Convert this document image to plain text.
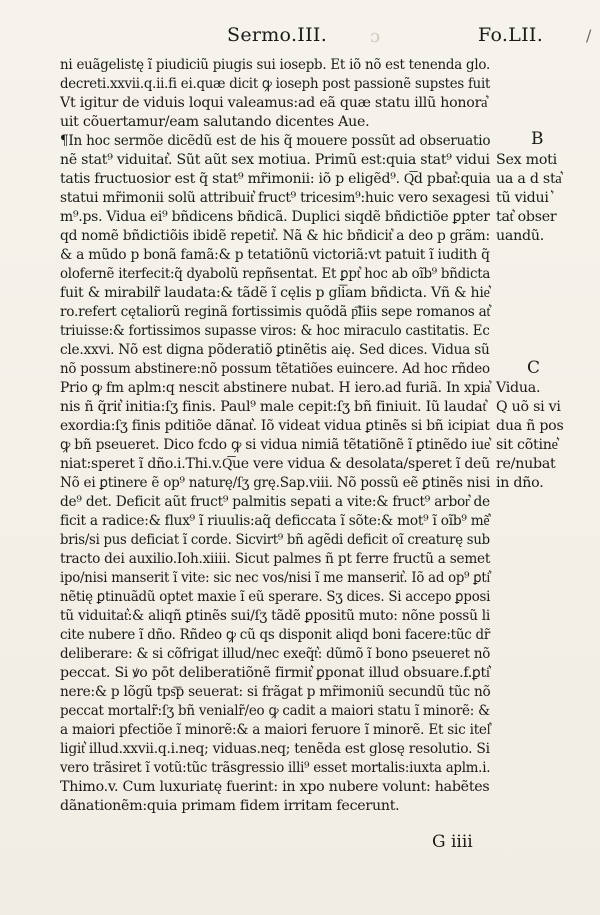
ɔ
Sermo.III.	Fo.LII.	/
ni euãgelistę ĩ piudiciũ piugis sui iosepb. Et iõ nõ est tenenda glo.
decreti.xxvii.q.ii.fi ei.quæ dicit ꝙ ioseph post passionẽ supstes fuit
Vt igitur de viduis loqui valeamus:ad eã quæ statu illũ honora͛
uit cõuertamur/eam salutando dicentes Aue.
¶In hoc sermõe dicẽdũ est de his q̃ mouere possũt ad obseruatio
nẽ stat⁹ viduitat͛. Sũt aũt sex motiua. Primũ est:quia stat⁹ vidui
tatis fructuosior est q̃ stat⁹ mr̃imonii: iõ p eligẽd⁹. Q͞d pbat͛:quia
statui mr̃imonii solũ attribuit͛ fruct⁹ tricesim⁹:huic vero sexagesi
m⁹.ps. Vidua ei⁹ bñdicens bñdicã. Duplici siqdẽ bñdictiõe ꝑpter
qd nomẽ bñdictiõis ibidẽ repetit͛. Nã & hic bñdicit͛ a deo p grãm:
& a mũdo p bonã famã:& p tetatiõnũ victoriã:vt patuit ĩ iudith q̃
olofernẽ iterfecit:q̃ dyabolũ repñsentat. Et ꝑpt͛ hoc ab oĩb⁹ bñdicta
fuit & mirabilr̃ laudata:& tãdẽ ĩ cęlis p gl͞iam bñdicta. Vñ & hie͛
ro.refert cętaliorũ reginã fortissimis quõdã p͞liis sepe romanos at͛
triuisse:& fortissimos supasse viros: & hoc miraculo castitatis. Ec
cle.xxvi. Nõ est digna põderatiõ ꝑtinẽtis aię. Sed dices. Vidua sũ
nõ possum abstinere:nõ possum tẽtatiões euincere. Ad hoc rñdeo
Prio ꝙ fm aplm:q nescit abstinere nubat. H iero.ad furiã. In xpia͛
nis ñ q̃rit͛ initia:ſʒ finis. Paul⁹ male cepit:ſʒ bñ finiuit. Iũ laudat͛
exordia:ſʒ finis pditiõe dãnat͛. Iõ videat vidua ꝑtinẽs si bñ icipiat
ꝙ bñ pseueret. Dico fcdo ꝙ si vidua nimiã tẽtatiõnẽ ĩ ꝑtinẽdo iue͛
niat:speret ĩ dño.i.Thi.v.Q͞ue vere vidua & desolata/speret ĩ deũ
Nõ ei ꝑtinere ẽ op⁹ naturę/ſʒ grę.Sap.viii. Nõ possũ eẽ ꝑtinẽs nisi
de⁹ det. Deficit aũt fruct⁹ palmitis sepati a vite:& fruct⁹ arbor͛ de
ficit a radice:& flux⁹ ĩ riuulis:aq̃ deficcata ĩ sõte:& mot⁹ ĩ oĩb⁹ mẽ͛
bris/si pus deficiat ĩ corde. Sicvirt⁹ bñ agẽdi deficit oĩ creaturę sub
tracto dei auxilio.Ioh.xiiii. Sicut palmes ñ pt ferre fructũ a semet
ipo/nisi manserit ĩ vite: sic nec vos/nisi ĩ me manserit͛. Iõ ad op⁹ ꝑti͛
nẽtię ꝑtinuãdũ optet maxie ĩ eũ sperare. Sʒ dices. Si accepo ꝑposi
tũ viduitat͛:& aliqñ ꝑtinẽs sui/ſʒ tãdẽ ꝑpositũ muto: nõne possũ li
cite nubere ĩ dño. Rñdeo ꝙ cũ qs disponit aliqd boni facere:tũc dr̃
deliberare: & si cõfrigat illud/nec exeq̃t͛: dũmõ ĩ bono pseueret nõ
peccat. Si ꝟo pōt deliberatiõnẽ firmit͛ ꝑponat illud obsuare.f.ꝑti͛
nere:& p lõgũ tps͞p seuerat: si frãgat p mr̃imoniũ secundũ tũc nõ
peccat mortalr̃:ſʒ bñ venialr̃/eo ꝙ cadit a maiori statu ĩ minorẽ: &
a maiori pfectiõe ĩ minorẽ:& a maiori feruore ĩ minorẽ. Et sic itel͛
ligit͛ illud.xxvii.q.i.neq; viduas.neq; tenẽda est glosę resolutio. Si
vero trãsiret ĩ votũ:tũc trãsgressio illi⁹ esset mortalis:iuxta aplm.i.
Thimo.v. Cum luxuriatę fuerint: in xpo nubere volunt: habẽtes
dãnationẽm:quia primam fidem irritam fecerunt.
B
Sex moti
ua a d sta͛
tũ vidui ͛
tat͛ obser
uandũ.
C
Vidua.
Q uõ si vi
dua ñ pos
sit cõtine͛
re/nubat
in dño.
G iiii
